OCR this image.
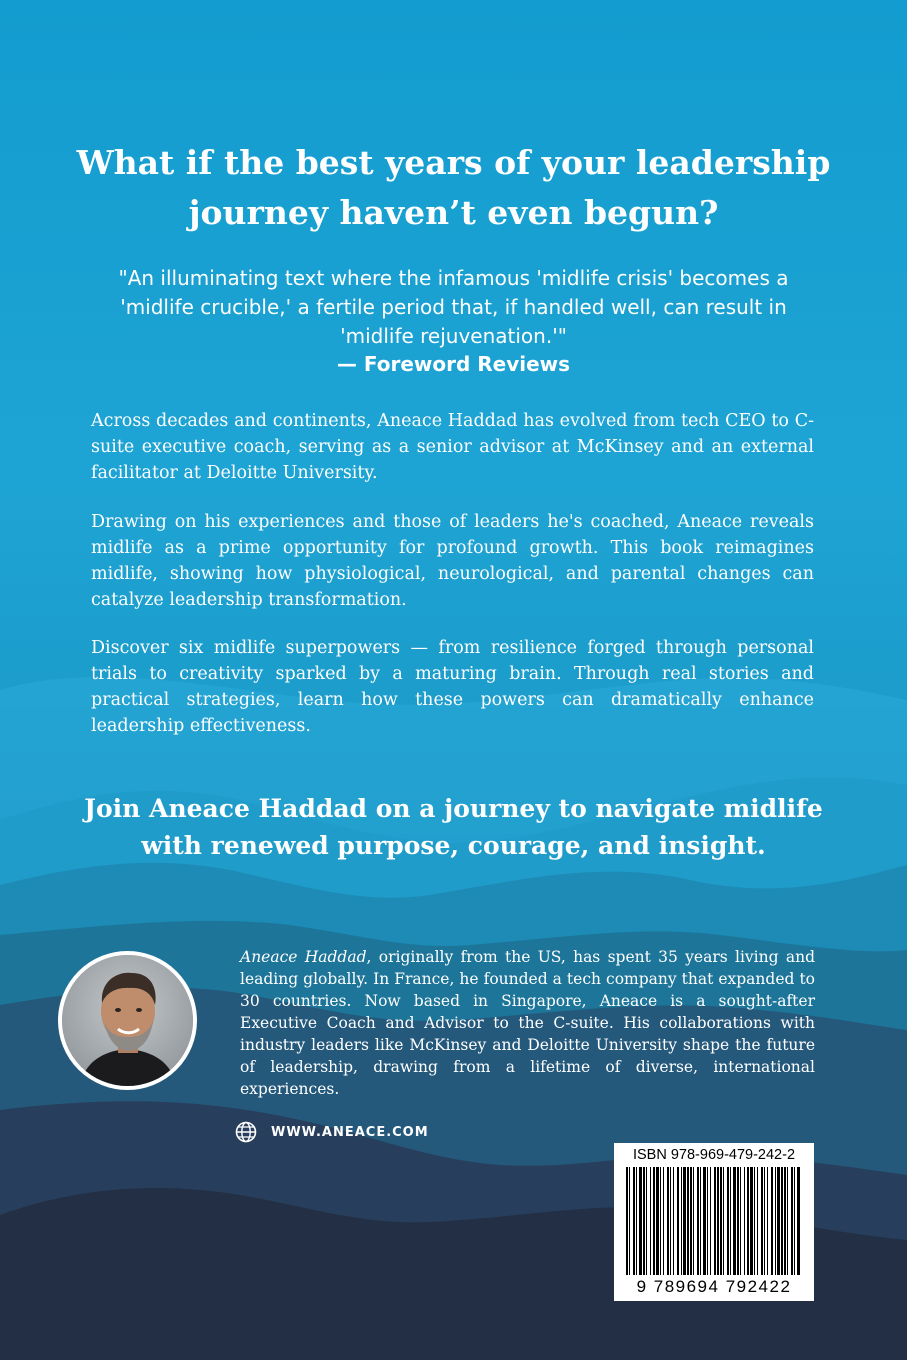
What if the best years of your leadership journey haven’t even begun?
"An illuminating text where the infamous 'midlife crisis' becomes a 'midlife crucible,' a fertile period that, if handled well, can result in 'midlife rejuvenation.'"
— Foreword Reviews

Across decades and continents, Aneace Haddad has evolved from tech CEO to C-suite executive coach, serving as a senior advisor at McKinsey and an external facilitator at Deloitte University.

Drawing on his experiences and those of leaders he's coached, Aneace reveals midlife as a prime opportunity for profound growth. This book reimagines midlife, showing how physiological, neurological, and parental changes can catalyze leadership transformation.

Discover six midlife superpowers — from resilience forged through personal trials to creativity sparked by a maturing brain. Through real stories and practical strategies, learn how these powers can dramatically enhance leadership effectiveness.

Join Aneace Haddad on a journey to navigate midlife with renewed purpose, courage, and insight.

Aneace Haddad, originally from the US, has spent 35 years living and leading globally. In France, he founded a tech company that expanded to 30 countries. Now based in Singapore, Aneace is a sought-after Executive Coach and Advisor to the C-suite. His collaborations with industry leaders like McKinsey and Deloitte University shape the future of leadership, drawing from a lifetime of diverse, international experiences.

WWW.ANEACE.COM
ISBN 978-969-479-242-2
9 789694 792422
